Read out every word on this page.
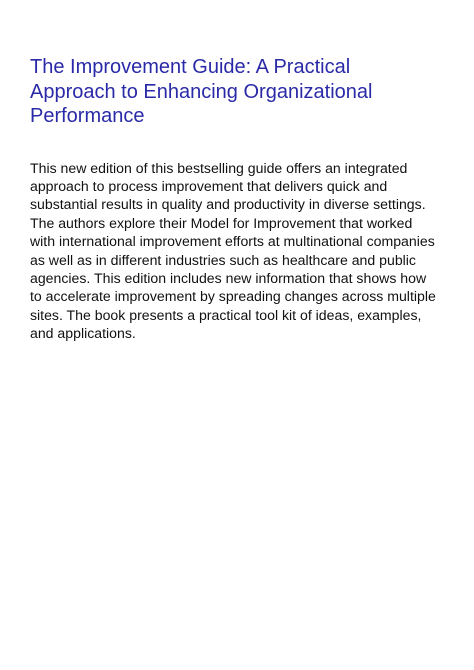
The Improvement Guide: A Practical Approach to Enhancing Organizational Performance

This new edition of this bestselling guide offers an integrated approach to process improvement that delivers quick and substantial results in quality and productivity in diverse settings. The authors explore their Model for Improvement that worked with international improvement efforts at multinational companies as well as in different industries such as healthcare and public agencies. This edition includes new information that shows how to accelerate improvement by spreading changes across multiple sites. The book presents a practical tool kit of ideas, examples, and applications.
